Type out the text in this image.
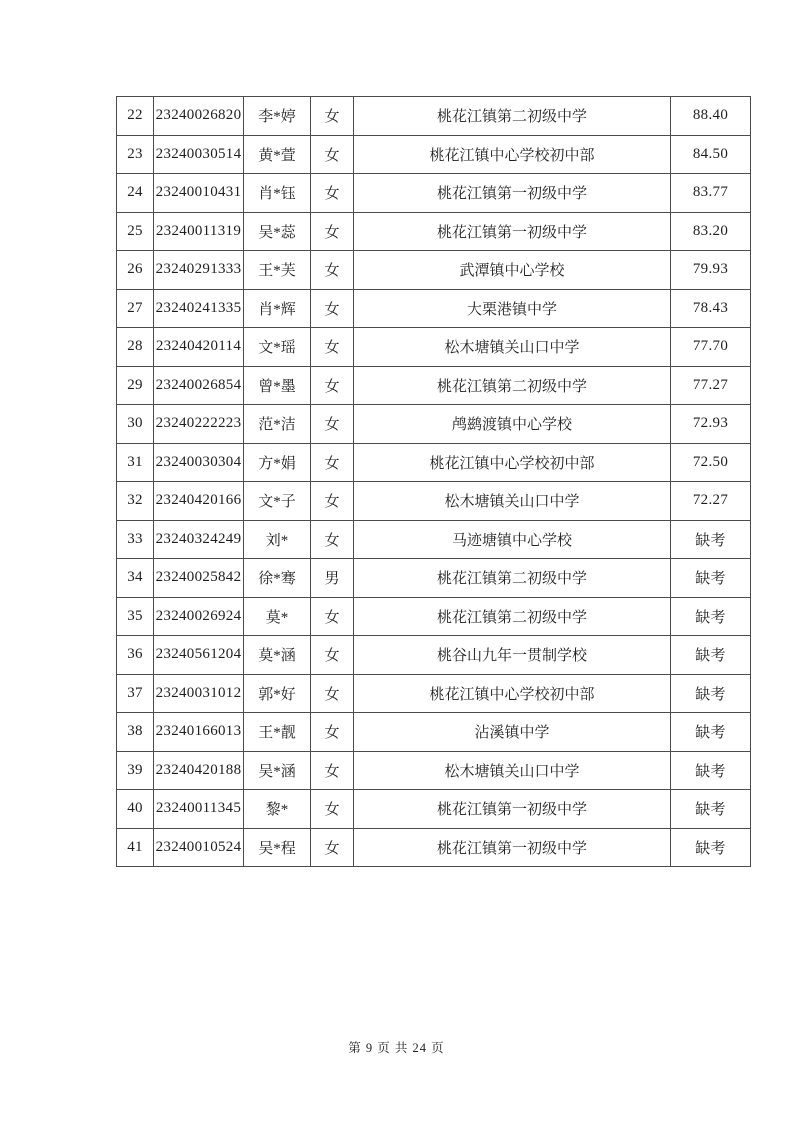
22	23240026820	李*婷	女	桃花江镇第二初级中学	88.40
23	23240030514	黄*萱	女	桃花江镇中心学校初中部	84.50
24	23240010431	肖*钰	女	桃花江镇第一初级中学	83.77
25	23240011319	吴*蕊	女	桃花江镇第一初级中学	83.20
26	23240291333	王*芙	女	武潭镇中心学校	79.93
27	23240241335	肖*辉	女	大栗港镇中学	78.43
28	23240420114	文*瑶	女	松木塘镇关山口中学	77.70
29	23240026854	曾*墨	女	桃花江镇第二初级中学	77.27
30	23240222223	范*洁	女	鸬鹚渡镇中心学校	72.93
31	23240030304	方*娟	女	桃花江镇中心学校初中部	72.50
32	23240420166	文*子	女	松木塘镇关山口中学	72.27
33	23240324249	刘*	女	马迹塘镇中心学校	缺考
34	23240025842	徐*骞	男	桃花江镇第二初级中学	缺考
35	23240026924	莫*	女	桃花江镇第二初级中学	缺考
36	23240561204	莫*涵	女	桃谷山九年一贯制学校	缺考
37	23240031012	郭*好	女	桃花江镇中心学校初中部	缺考
38	23240166013	王*靓	女	沾溪镇中学	缺考
39	23240420188	吴*涵	女	松木塘镇关山口中学	缺考
40	23240011345	黎*	女	桃花江镇第一初级中学	缺考
41	23240010524	吴*程	女	桃花江镇第一初级中学	缺考
第 9 页 共 24 页
